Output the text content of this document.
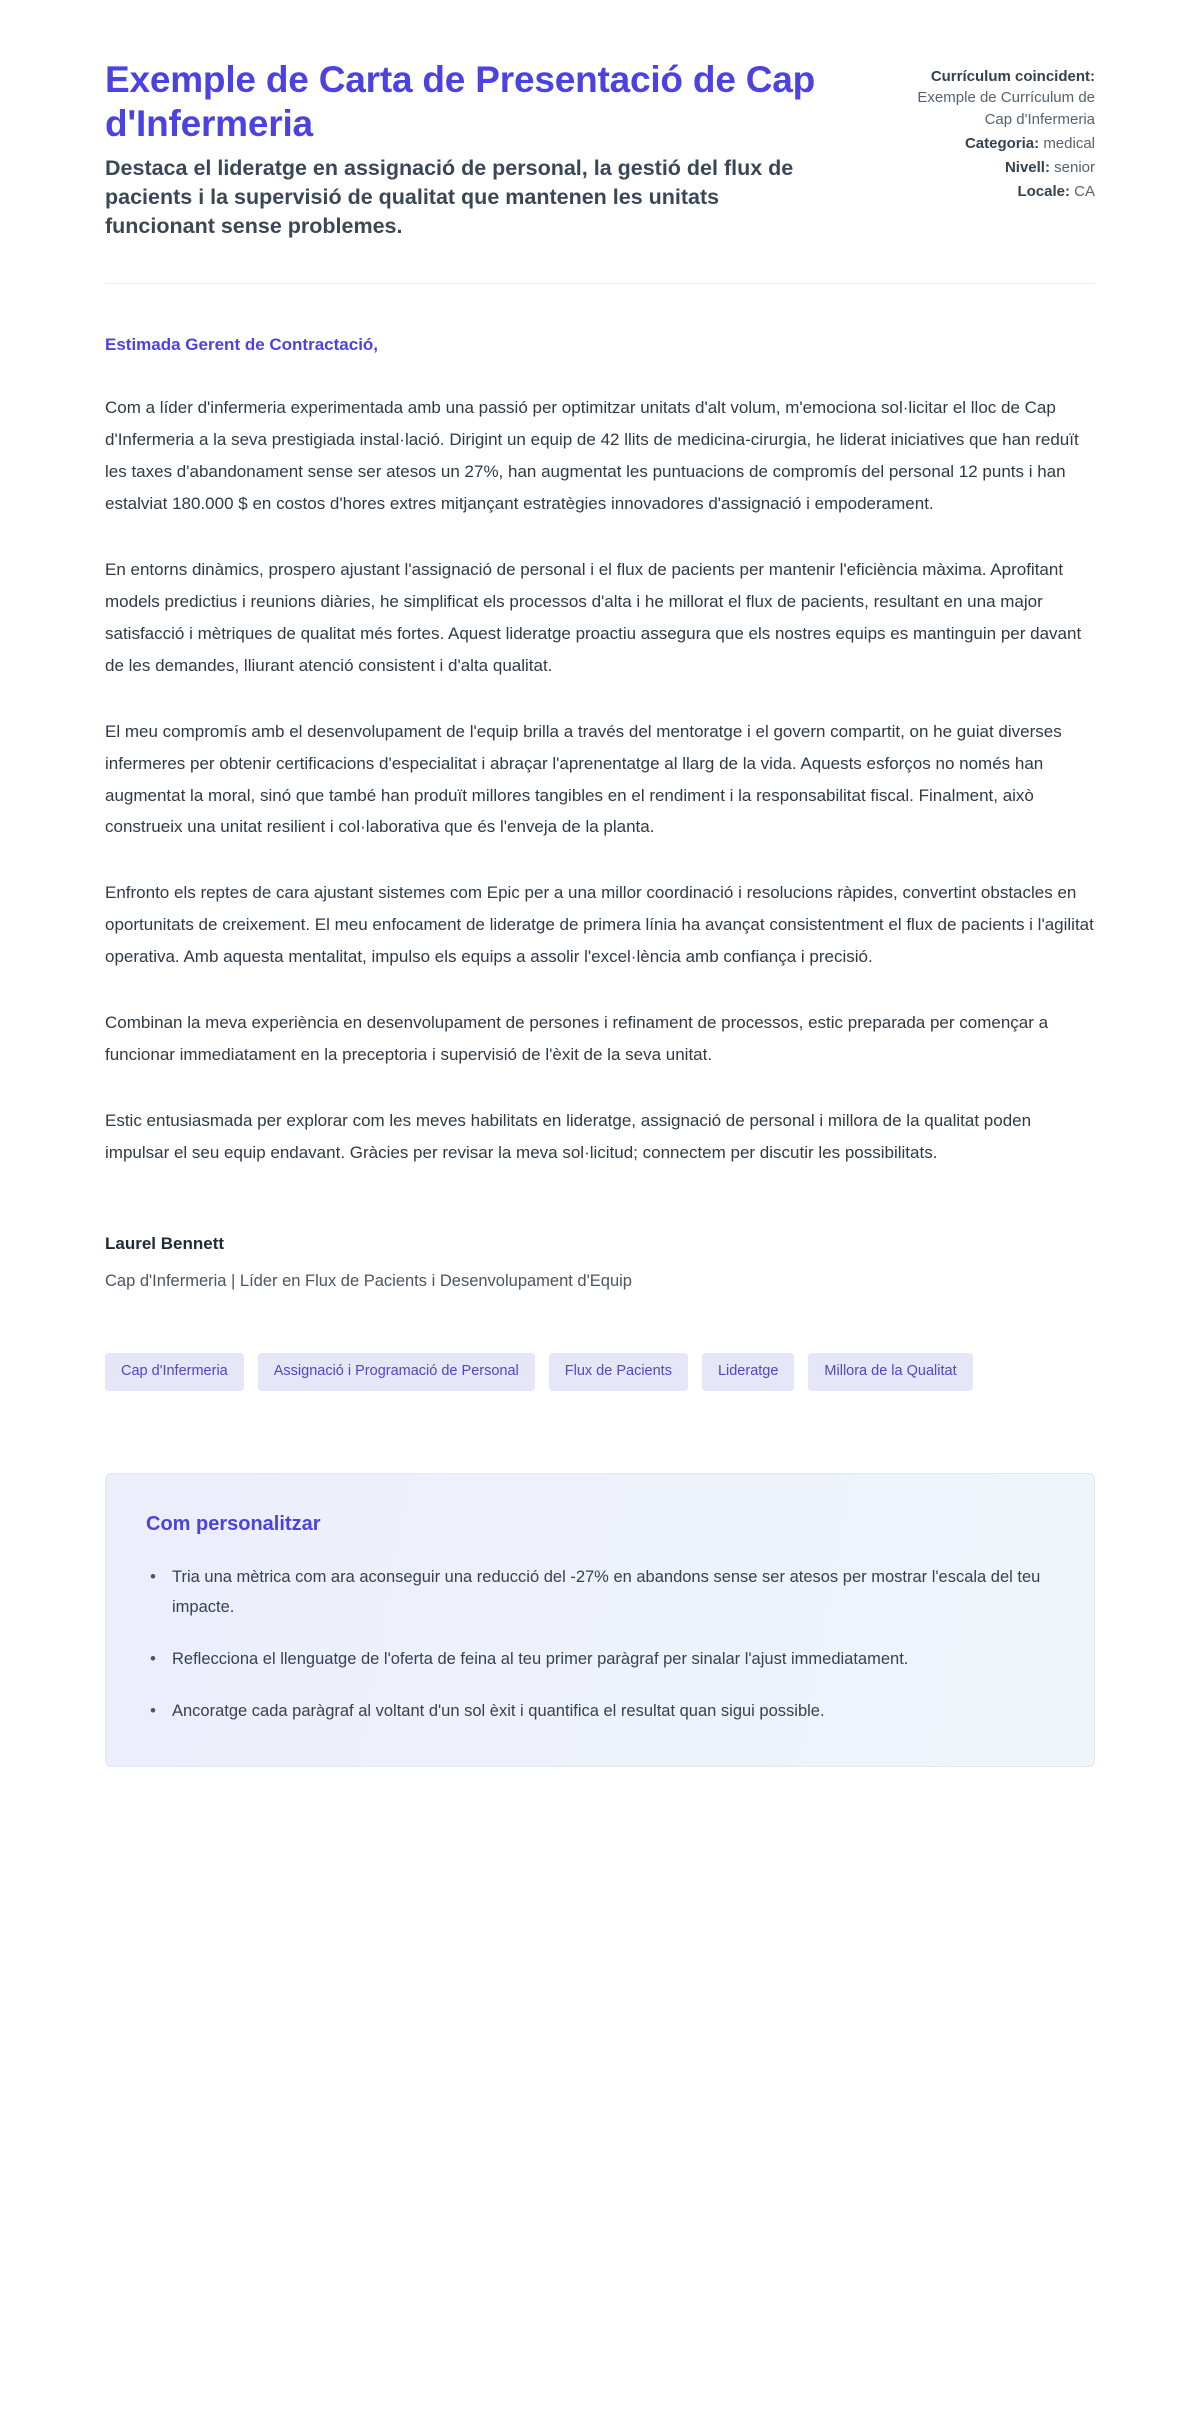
Exemple de Carta de Presentació de Cap d'Infermeria

Destaca el lideratge en assignació de personal, la gestió del flux de pacients i la supervisió de qualitat que mantenen les unitats funcionant sense problemes.

Currículum coincident: Exemple de Currículum de Cap d'Infermeria

Categoria: medical

Nivell: senior

Locale: CA

Estimada Gerent de Contractació,

Com a líder d'infermeria experimentada amb una passió per optimitzar unitats d'alt volum, m'emociona sol·licitar el lloc de Cap d'Infermeria a la seva prestigiada instal·lació. Dirigint un equip de 42 llits de medicina-cirurgia, he liderat iniciatives que han reduït les taxes d'abandonament sense ser atesos un 27%, han augmentat les puntuacions de compromís del personal 12 punts i han estalviat 180.000 $ en costos d'hores extres mitjançant estratègies innovadores d'assignació i empoderament.

En entorns dinàmics, prospero ajustant l'assignació de personal i el flux de pacients per mantenir l'eficiència màxima. Aprofitant models predictius i reunions diàries, he simplificat els processos d'alta i he millorat el flux de pacients, resultant en una major satisfacció i mètriques de qualitat més fortes. Aquest lideratge proactiu assegura que els nostres equips es mantinguin per davant de les demandes, lliurant atenció consistent i d'alta qualitat.

El meu compromís amb el desenvolupament de l'equip brilla a través del mentoratge i el govern compartit, on he guiat diverses infermeres per obtenir certificacions d'especialitat i abraçar l'aprenentatge al llarg de la vida. Aquests esforços no només han augmentat la moral, sinó que també han produït millores tangibles en el rendiment i la responsabilitat fiscal. Finalment, això construeix una unitat resilient i col·laborativa que és l'enveja de la planta.

Enfronto els reptes de cara ajustant sistemes com Epic per a una millor coordinació i resolucions ràpides, convertint obstacles en oportunitats de creixement. El meu enfocament de lideratge de primera línia ha avançat consistentment el flux de pacients i l'agilitat operativa. Amb aquesta mentalitat, impulso els equips a assolir l'excel·lència amb confiança i precisió.

Combinan la meva experiència en desenvolupament de persones i refinament de processos, estic preparada per començar a funcionar immediatament en la preceptoria i supervisió de l'èxit de la seva unitat.

Estic entusiasmada per explorar com les meves habilitats en lideratge, assignació de personal i millora de la qualitat poden impulsar el seu equip endavant. Gràcies per revisar la meva sol·licitud; connectem per discutir les possibilitats.

Laurel Bennett

Cap d'Infermeria | Líder en Flux de Pacients i Desenvolupament d'Equip

Cap d'Infermeria	Assignació i Programació de Personal	Flux de Pacients	Lideratge	Millora de la Qualitat
Com personalitzar
• Tria una mètrica com ara aconseguir una reducció del -27% en abandons sense ser atesos per mostrar l'escala del teu impacte.
• Reflecciona el llenguatge de l'oferta de feina al teu primer paràgraf per sinalar l'ajust immediatament.
• Ancoratge cada paràgraf al voltant d'un sol èxit i quantifica el resultat quan sigui possible.
